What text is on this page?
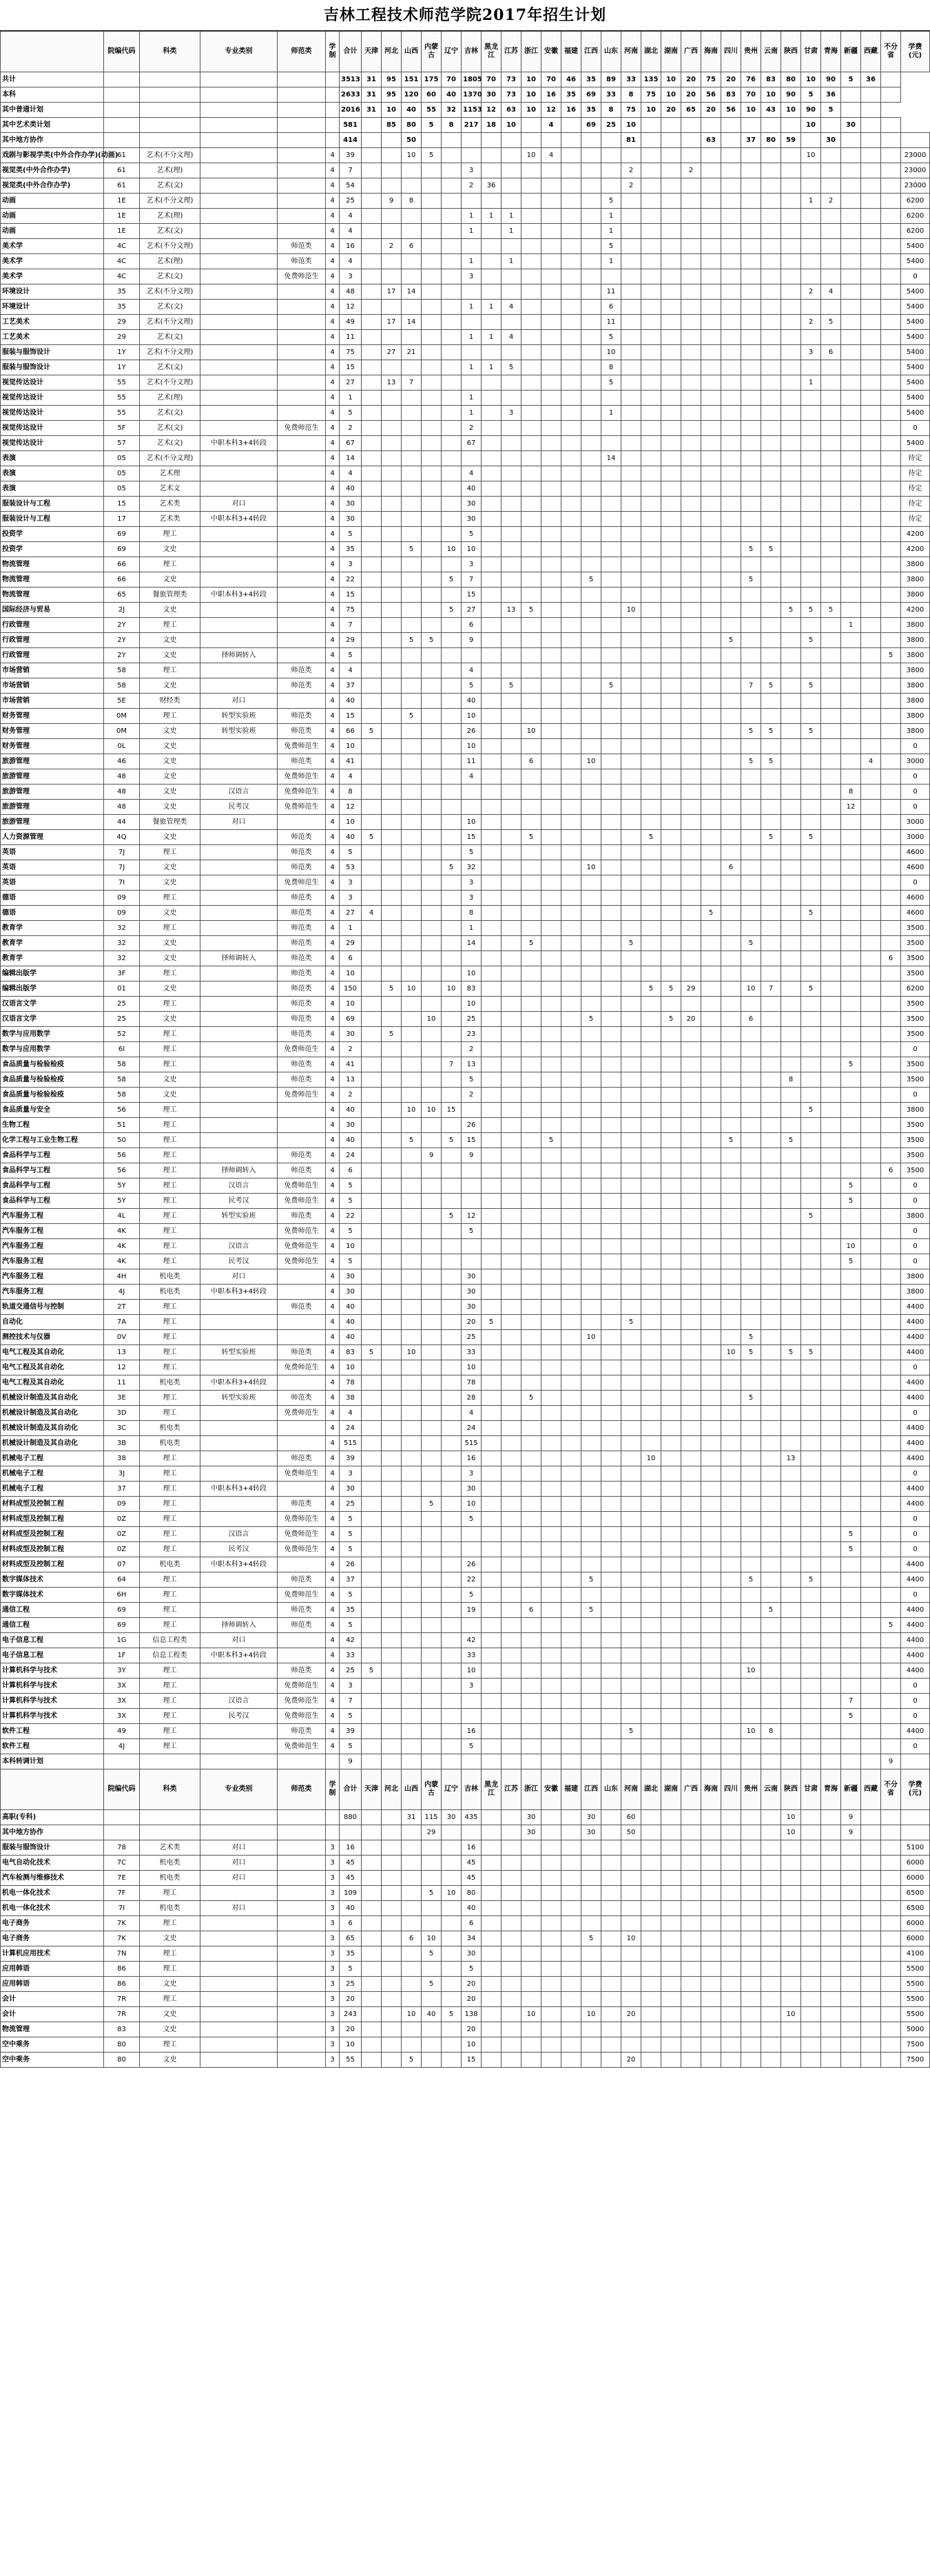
吉林工程技术师范学院2017年招生计划
	院编代码	科类	专业类别	师范类	学制	合计	天津	河北	山西	内蒙古	辽宁	吉林	黑龙江	江苏	浙江	安徽	福建	江西	山东	河南	湖北	湖南	广西	海南	四川	贵州	云南	陕西	甘肃	青海	新疆	西藏	不分省	学费(元)
共计						3513	31	95	151	175	70	1805	70	73	10	70	46	35	89	33	135	10	20	75	20	76	83	80	10	90	5	36		
本科						2633	31	95	120	60	40	1370	30	73	10	16	35	69	33	8	75	10	20	56	83	70	10	90	5	36				
其中普通计划						2016	31	10	40	55	32	1153	12	63	10	12	16	35	8	75	10	20	65	20	56	10	43	10	90	5				
其中艺术类计划						581		85	80	5	8	217	18	10		4		69	25	10									10		30			
其中地方协作						414			50											81				63		37	80	59		30				
戏剧与影视学类(中外合作办学)(动画)	61	艺术(不分文理)			4	39			10	5					10	4													10					23000
视觉类(中外合作办学)	61	艺术(理)			4	7						3								2			2											23000
视觉类(中外合作办学)	61	艺术(文)			4	54						2	36							2														23000
动画	1E	艺术(不分文理)			4	25		9	8										5										1	2				6200
动画	1E	艺术(理)			4	4						1	1	1					1															6200
动画	1E	艺术(文)			4	4						1		1					1															6200
美术学	4C	艺术(不分文理)		师范类	4	16		2	6										5															5400
美术学	4C	艺术(理)		师范类	4	4						1		1					1															5400
美术学	4C	艺术(文)		免费师范生	4	3						3																						0
环境设计	35	艺术(不分文理)			4	48		17	14										11										2	4				5400
环境设计	35	艺术(文)			4	12						1	1	4					6															5400
工艺美术	29	艺术(不分文理)			4	49		17	14										11										2	5				5400
工艺美术	29	艺术(文)			4	11						1	1	4					5															5400
服装与服饰设计	1Y	艺术(不分文理)			4	75		27	21										10										3	6				5400
服装与服饰设计	1Y	艺术(文)			4	15						1	1	5					8															5400
视觉传达设计	55	艺术(不分文理)			4	27		13	7										5										1					5400
视觉传达设计	55	艺术(理)			4	1						1																						5400
视觉传达设计	55	艺术(文)			4	5						1		3					1															5400
视觉传达设计	5F	艺术(文)		免费师范生	4	2						2																						0
视觉传达设计	57	艺术(文)	中职本科3+4转段		4	67						67																						5400
表演	05	艺术(不分文理)			4	14													14															待定
表演	05	艺术理			4	4						4																						待定
表演	05	艺术文			4	40						40																						待定
服装设计与工程	15	艺术类	对口		4	30						30																						待定
服装设计与工程	17	艺术类	中职本科3+4转段		4	30						30																						待定
投资学	69	理工			4	5						5																						4200
投资学	69	文史			4	35			5		10	10														5	5							4200
物流管理	66	理工			4	3						3																						3800
物流管理	66	文史			4	22					5	7						5								5								3800
物流管理	65	餐旅管理类	中职本科3+4转段		4	15						15																						3800
国际经济与贸易	2J	文史			4	75					5	27		13	5					10								5	5	5				4200
行政管理	2Y	理工			4	7						6																			1			3800
行政管理	2Y	文史			4	29			5	5		9													5				5					3800
行政管理	2Y	文史	择师调转入		4	5																											5	3800
市场营销	58	理工		师范类	4	4						4																						3800
市场营销	58	文史		师范类	4	37						5		5					5							7	5		5					3800
市场营销	5E	财经类	对口		4	40						40																						3800
财务管理	0M	理工	转型实验班	师范类	4	15			5			10																						3800
财务管理	0M	文史	转型实验班	师范类	4	66	5					26			10											5	5		5					3800
财务管理	0L	文史		免费师范生	4	10						10																						0
旅游管理	46	文史		师范类	4	41						11			6			10								5	5					4		3000
旅游管理	48	文史		免费师范生	4	4						4																						0
旅游管理	48	文史	汉语言	免费师范生	4	8																									8			0
旅游管理	48	文史	民考汉	免费师范生	4	12																									12			0
旅游管理	44	餐旅管理类	对口		4	10						10																						3000
人力资源管理	4Q	文史		师范类	4	40	5					15			5						5						5		5					3000
英语	7J	理工		师范类	4	5						5																						4600
英语	7J	文史		师范类	4	53					5	32						10							6									4600
英语	7I	文史		免费师范生	4	3						3																						0
德语	09	理工		师范类	4	3						3																						4600
德语	09	文史		师范类	4	27	4					8												5					5					4600
教育学	32	理工		师范类	4	1						1																						3500
教育学	32	文史		师范类	4	29						14			5					5						5								3500
教育学	32	文史	择师调转入	师范类	4	6																											6	3500
编辑出版学	3F	理工		师范类	4	10						10																						3500
编辑出版学	01	文史		师范类	4	150		5	10		10	83									5	5	29			10	7		5					6200
汉语言文学	25	理工		师范类	4	10						10																						3500
汉语言文学	25	文史		师范类	4	69				10		25						5				5	20			6								3500
数学与应用数学	52	理工		师范类	4	30		5				23																						3500
数学与应用数学	6I	理工		免费师范生	4	2						2																						0
食品质量与检验检疫	58	理工		师范类	4	41					7	13																			5			3500
食品质量与检验检疫	58	文史		师范类	4	13						5																8						3500
食品质量与检验检疫	58	文史		免费师范生	4	2						2																						0
食品质量与安全	56	理工			4	40			10	10	15																		5					3800
生物工程	51	理工			4	30						26																						3500
化学工程与工业生物工程	50	理工			4	40			5		5	15				5									5			5						3500
食品科学与工程	56	理工		师范类	4	24				9		9																						3500
食品科学与工程	56	理工	择师调转入	师范类	4	6																											6	3500
食品科学与工程	5Y	理工	汉语言	免费师范生	4	5																									5			0
食品科学与工程	5Y	理工	民考汉	免费师范生	4	5																									5			0
汽车服务工程	4L	理工	转型实验班	师范类	4	22					5	12																	5					3800
汽车服务工程	4K	理工		免费师范生	4	5						5																						0
汽车服务工程	4K	理工	汉语言	免费师范生	4	10																									10			0
汽车服务工程	4K	理工	民考汉	免费师范生	4	5																									5			0
汽车服务工程	4H	机电类	对口		4	30						30																						3800
汽车服务工程	4J	机电类	中职本科3+4转段		4	30						30																						3800
轨道交通信号与控制	2T	理工		师范类	4	40						30																						4400
自动化	7A	理工			4	40						20	5							5														4400
测控技术与仪器	0V	理工			4	40						25						10								5								4400
电气工程及其自动化	13	理工	转型实验班	师范类	4	83	5		10			33													10	5		5	5					4400
电气工程及其自动化	12	理工		免费师范生	4	10						10																						0
电气工程及其自动化	11	机电类	中职本科3+4转段		4	78						78																						4400
机械设计制造及其自动化	3E	理工	转型实验班	师范类	4	38						28			5											5								4400
机械设计制造及其自动化	3D	理工		免费师范生	4	4						4																						0
机械设计制造及其自动化	3C	机电类			4	24						24																						4400
机械设计制造及其自动化	3B	机电类			4	515						515																						4400
机械电子工程	38	理工		师范类	4	39						16									10							13						4400
机械电子工程	3J	理工		免费师范生	4	3						3																						0
机械电子工程	37	理工	中职本科3+4转段		4	30						30																						4400
材料成型及控制工程	09	理工		师范类	4	25				5		10																						4400
材料成型及控制工程	0Z	理工		免费师范生	4	5						5																						0
材料成型及控制工程	0Z	理工	汉语言	免费师范生	4	5																									5			0
材料成型及控制工程	0Z	理工	民考汉	免费师范生	4	5																									5			0
材料成型及控制工程	07	机电类	中职本科3+4转段		4	26						26																						4400
数字媒体技术	64	理工		师范类	4	37						22						5								5			5					4400
数字媒体技术	6H	理工		免费师范生	4	5						5																						0
通信工程	69	理工		师范类	4	35						19			6			5									5							4400
通信工程	69	理工	择师调转入	师范类	4	5																											5	4400
电子信息工程	1G	信息工程类	对口		4	42						42																						4400
电子信息工程	1F	信息工程类	中职本科3+4转段		4	33						33																						4400
计算机科学与技术	3Y	理工		师范类	4	25	5					10														10								4400
计算机科学与技术	3X	理工		免费师范生	4	3						3																						0
计算机科学与技术	3X	理工	汉语言	免费师范生	4	7																									7			0
计算机科学与技术	3X	理工	民考汉	免费师范生	4	5																									5			0
软件工程	49	理工		师范类	4	39						16								5						10	8							4400
软件工程	4J	理工		免费师范生	4	5						5																						0
本科转调计划						9																											9	
	院编代码	科类	专业类别	师范类	学制	合计	天津	河北	山西	内蒙古	辽宁	吉林	黑龙江	江苏	浙江	安徽	福建	江西	山东	河南	湖北	湖南	广西	海南	四川	贵州	云南	陕西	甘肃	青海	新疆	西藏	不分省	学费(元)
高职(专科)						880			31	115	30	435			30			30		60								10			9			
其中地方协作										29					30			30		50								10			9			
服装与服饰设计	78	艺术类	对口		3	16						16																						5100
电气自动化技术	7C	机电类	对口		3	45						45																						6000
汽车检测与维修技术	7E	机电类	对口		3	45						45																						6000
机电一体化技术	7F	理工			3	109				5	10	80																						6500
机电一体化技术	7I	机电类	对口		3	40						40																						6500
电子商务	7K	理工			3	6						6																						6000
电子商务	7K	文史			3	65			6	10		34						5		10														6000
计算机应用技术	7N	理工			3	35				5		30																						4100
应用韩语	86	理工			3	5						5																						5500
应用韩语	86	文史			3	25				5		20																						5500
会计	7R	理工			3	20						20																						5500
会计	7R	文史			3	243			10	40	5	138			10			10		20								10						5500
物流管理	83	文史			3	20						20																						5000
空中乘务	80	理工			3	10						10																						7500
空中乘务	80	文史			3	55			5			15								20														7500
